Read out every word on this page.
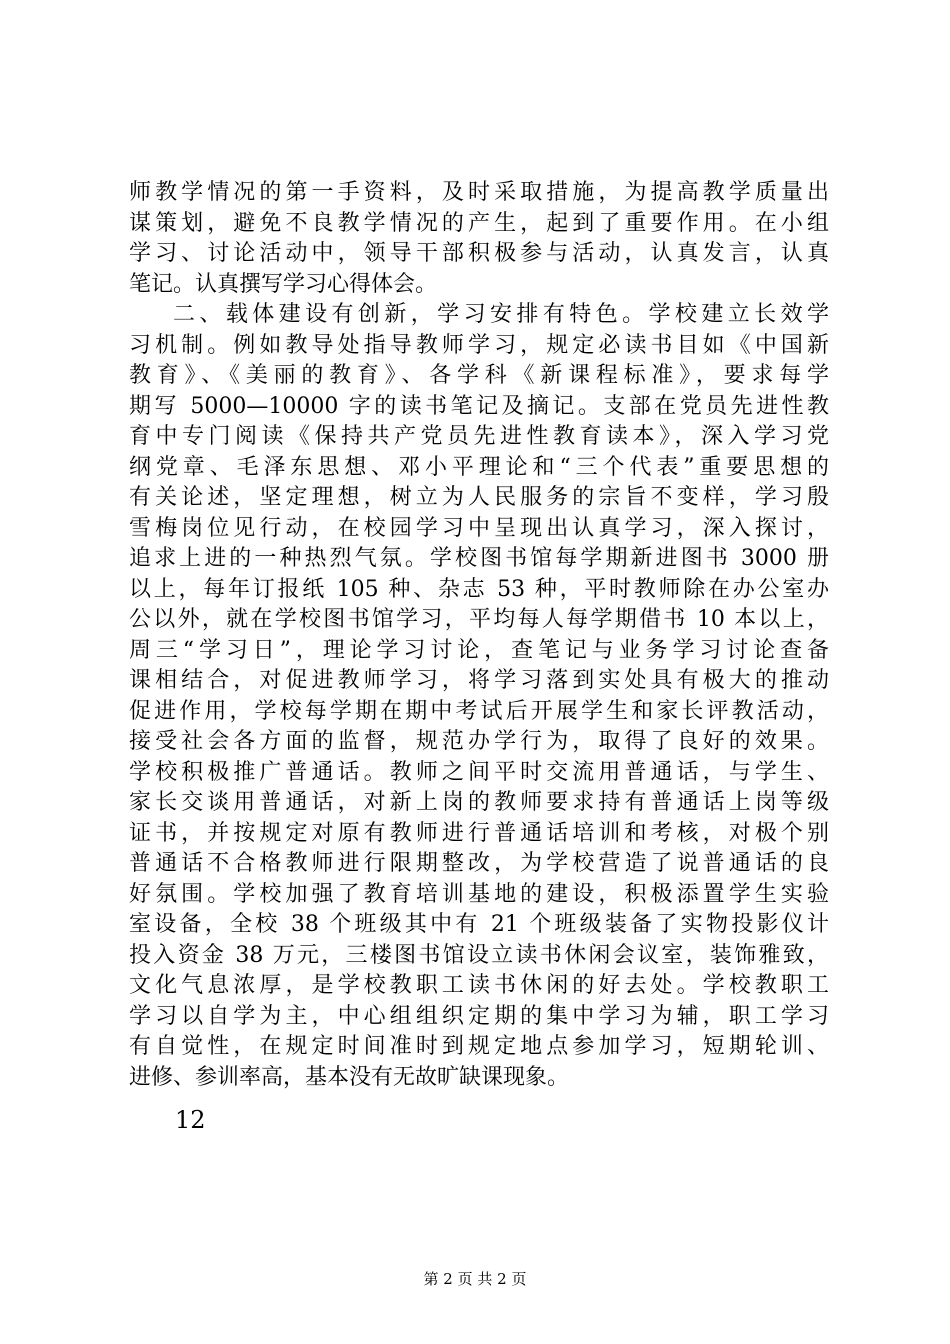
师教学情况的第一手资料，及时采取措施，为提高教学质量出
谋策划，避免不良教学情况的产生，起到了重要作用。在小组
学习、讨论活动中，领导干部积极参与活动，认真发言，认真
笔记。认真撰写学习心得体会。
二、载体建设有创新，学习安排有特色。学校建立长效学
习机制。例如教导处指导教师学习，规定必读书目如《中国新
教育》、《美丽的教育》、各学科《新课程标准》，要求每学
期写 5000—10000 字的读书笔记及摘记。支部在党员先进性教
育中专门阅读《保持共产党员先进性教育读本》，深入学习党
纲党章、毛泽东思想、邓小平理论和“三个代表”重要思想的
有关论述，坚定理想，树立为人民服务的宗旨不变样，学习殷
雪梅岗位见行动，在校园学习中呈现出认真学习，深入探讨，
追求上进的一种热烈气氛。学校图书馆每学期新进图书 3000 册
以上，每年订报纸 105 种、杂志 53 种，平时教师除在办公室办
公以外，就在学校图书馆学习，平均每人每学期借书 10 本以上，
周三“学习日”，理论学习讨论，查笔记与业务学习讨论查备
课相结合，对促进教师学习，将学习落到实处具有极大的推动
促进作用，学校每学期在期中考试后开展学生和家长评教活动，
接受社会各方面的监督，规范办学行为，取得了良好的效果。
学校积极推广普通话。教师之间平时交流用普通话，与学生、
家长交谈用普通话，对新上岗的教师要求持有普通话上岗等级
证书，并按规定对原有教师进行普通话培训和考核，对极个别
普通话不合格教师进行限期整改，为学校营造了说普通话的良
好氛围。学校加强了教育培训基地的建设，积极添置学生实验
室设备，全校 38 个班级其中有 21 个班级装备了实物投影仪计
投入资金 38 万元，三楼图书馆设立读书休闲会议室，装饰雅致，
文化气息浓厚，是学校教职工读书休闲的好去处。学校教职工
学习以自学为主，中心组组织定期的集中学习为辅，职工学习
有自觉性，在规定时间准时到规定地点参加学习，短期轮训、
进修、参训率高，基本没有无故旷缺课现象。
12
第 2 页 共 2 页
